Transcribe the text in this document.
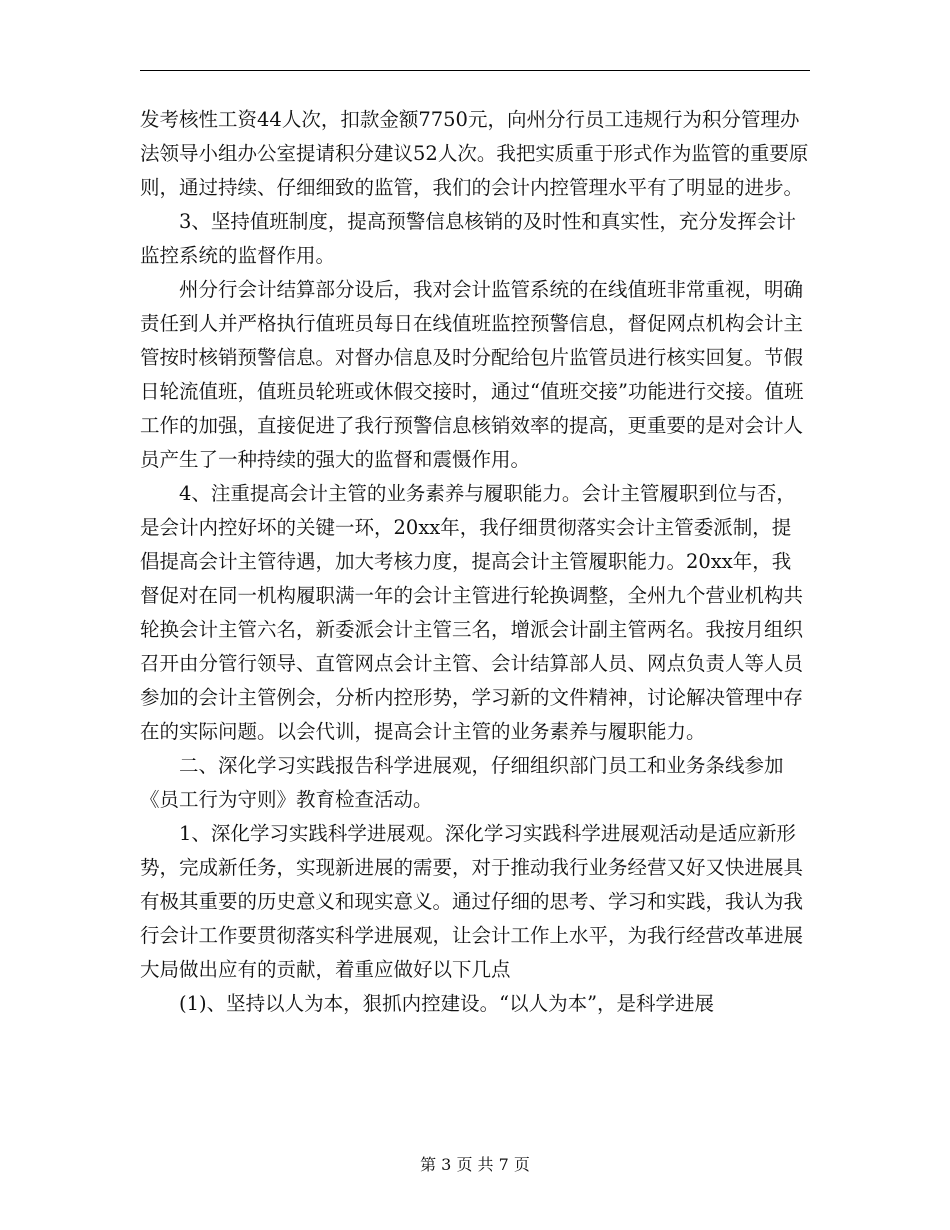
发考核性工资44人次，扣款金额7750元，向州分行员工违规行为积分管理办法领导小组办公室提请积分建议52人次。我把实质重于形式作为监管的重要原则，通过持续、仔细细致的监管，我们的会计内控管理水平有了明显的进步。

3、坚持值班制度，提高预警信息核销的及时性和真实性，充分发挥会计监控系统的监督作用。

州分行会计结算部分设后，我对会计监管系统的在线值班非常重视，明确责任到人并严格执行值班员每日在线值班监控预警信息，督促网点机构会计主管按时核销预警信息。对督办信息及时分配给包片监管员进行核实回复。节假日轮流值班，值班员轮班或休假交接时，通过“值班交接”功能进行交接。值班工作的加强，直接促进了我行预警信息核销效率的提高，更重要的是对会计人员产生了一种持续的强大的监督和震慑作用。

4、注重提高会计主管的业务素养与履职能力。会计主管履职到位与否，是会计内控好坏的关键一环，20xx年，我仔细贯彻落实会计主管委派制，提倡提高会计主管待遇，加大考核力度，提高会计主管履职能力。20xx年，我督促对在同一机构履职满一年的会计主管进行轮换调整，全州九个营业机构共轮换会计主管六名，新委派会计主管三名，增派会计副主管两名。我按月组织召开由分管行领导、直管网点会计主管、会计结算部人员、网点负责人等人员参加的会计主管例会，分析内控形势，学习新的文件精神，讨论解决管理中存在的实际问题。以会代训，提高会计主管的业务素养与履职能力。

二、深化学习实践报告科学进展观，仔细组织部门员工和业务条线参加《员工行为守则》教育检查活动。

1、深化学习实践科学进展观。深化学习实践科学进展观活动是适应新形势，完成新任务，实现新进展的需要，对于推动我行业务经营又好又快进展具有极其重要的历史意义和现实意义。通过仔细的思考、学习和实践，我认为我行会计工作要贯彻落实科学进展观，让会计工作上水平，为我行经营改革进展大局做出应有的贡献，着重应做好以下几点

(1)、坚持以人为本，狠抓内控建设。“以人为本”，是科学进展

第 3 页 共 7 页
